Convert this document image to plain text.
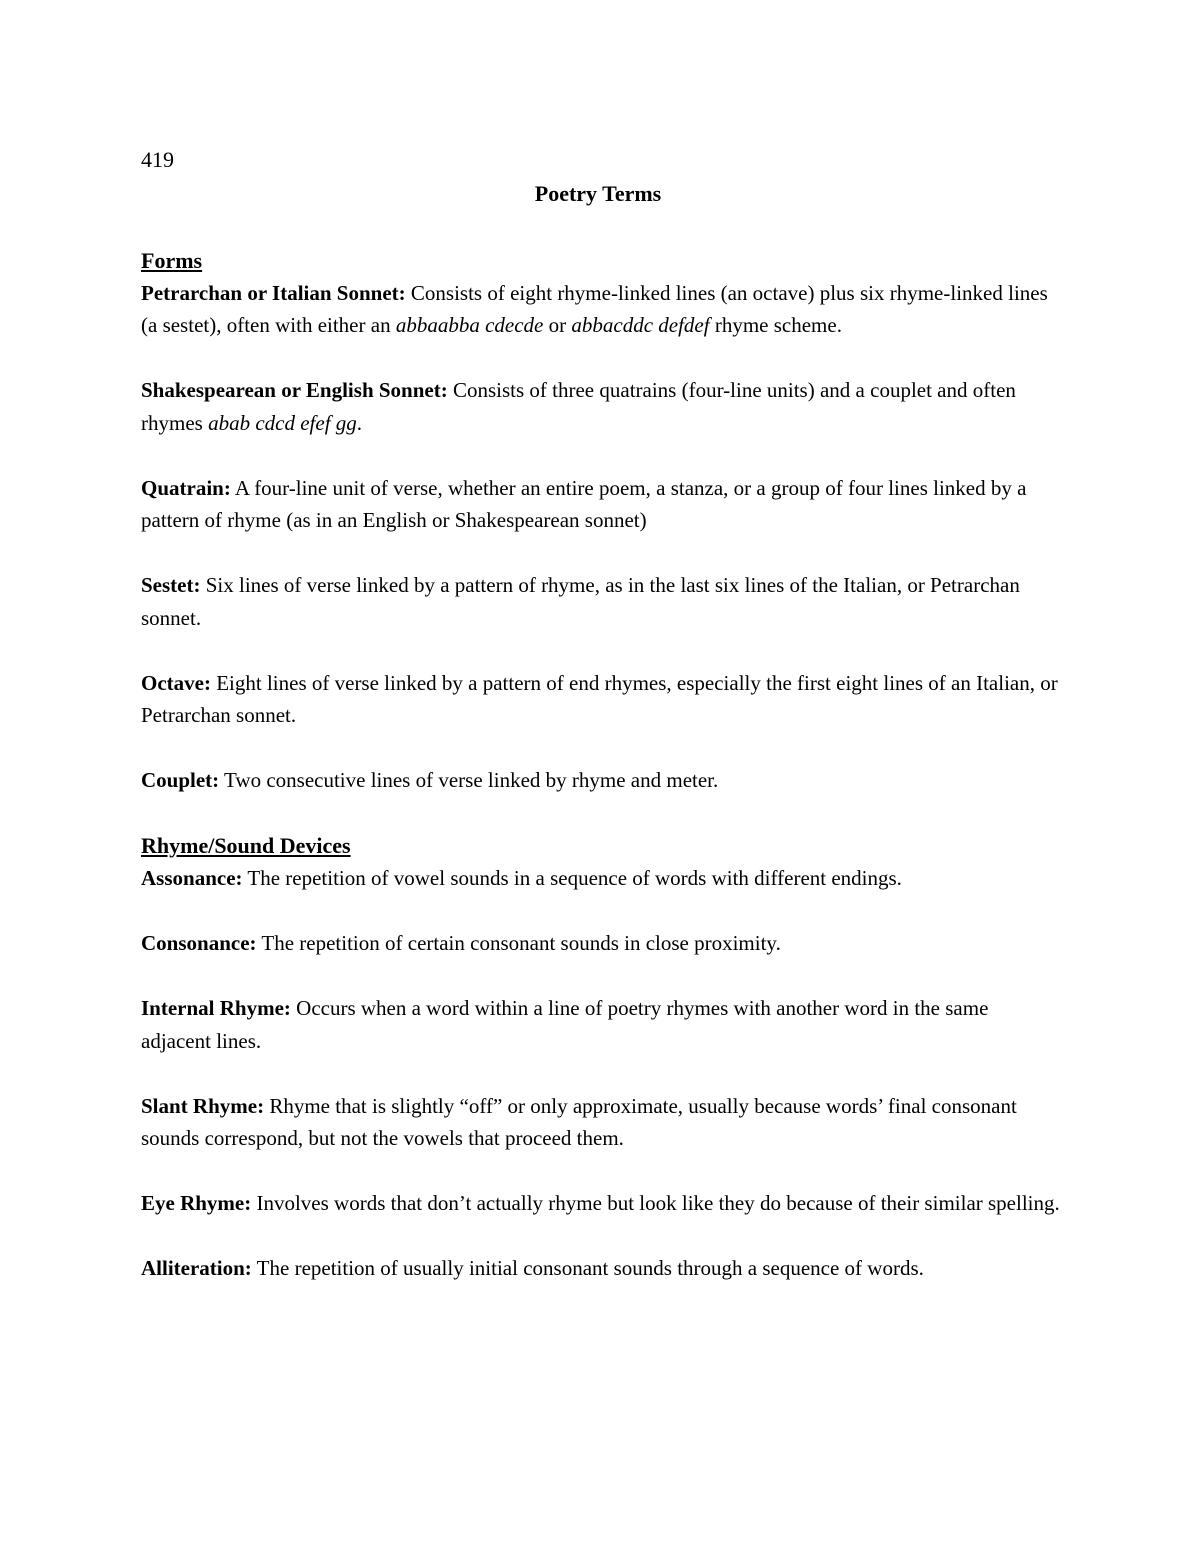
419
Poetry Terms
Forms

Petrarchan or Italian Sonnet: Consists of eight rhyme-linked lines (an octave) plus six rhyme-linked lines (a sestet), often with either an abbaabba cdecde or abbacddc defdef rhyme scheme.

Shakespearean or English Sonnet: Consists of three quatrains (four-line units) and a couplet and often rhymes abab cdcd efef gg.

Quatrain: A four-line unit of verse, whether an entire poem, a stanza, or a group of four lines linked by a pattern of rhyme (as in an English or Shakespearean sonnet)

Sestet: Six lines of verse linked by a pattern of rhyme, as in the last six lines of the Italian, or Petrarchan sonnet.

Octave: Eight lines of verse linked by a pattern of end rhymes, especially the first eight lines of an Italian, or Petrarchan sonnet.

Couplet: Two consecutive lines of verse linked by rhyme and meter.

Rhyme/Sound Devices

Assonance: The repetition of vowel sounds in a sequence of words with different endings.

Consonance: The repetition of certain consonant sounds in close proximity.

Internal Rhyme: Occurs when a word within a line of poetry rhymes with another word in the same adjacent lines.

Slant Rhyme: Rhyme that is slightly “off” or only approximate, usually because words’ final consonant sounds correspond, but not the vowels that proceed them.

Eye Rhyme: Involves words that don’t actually rhyme but look like they do because of their similar spelling.

Alliteration: The repetition of usually initial consonant sounds through a sequence of words.
